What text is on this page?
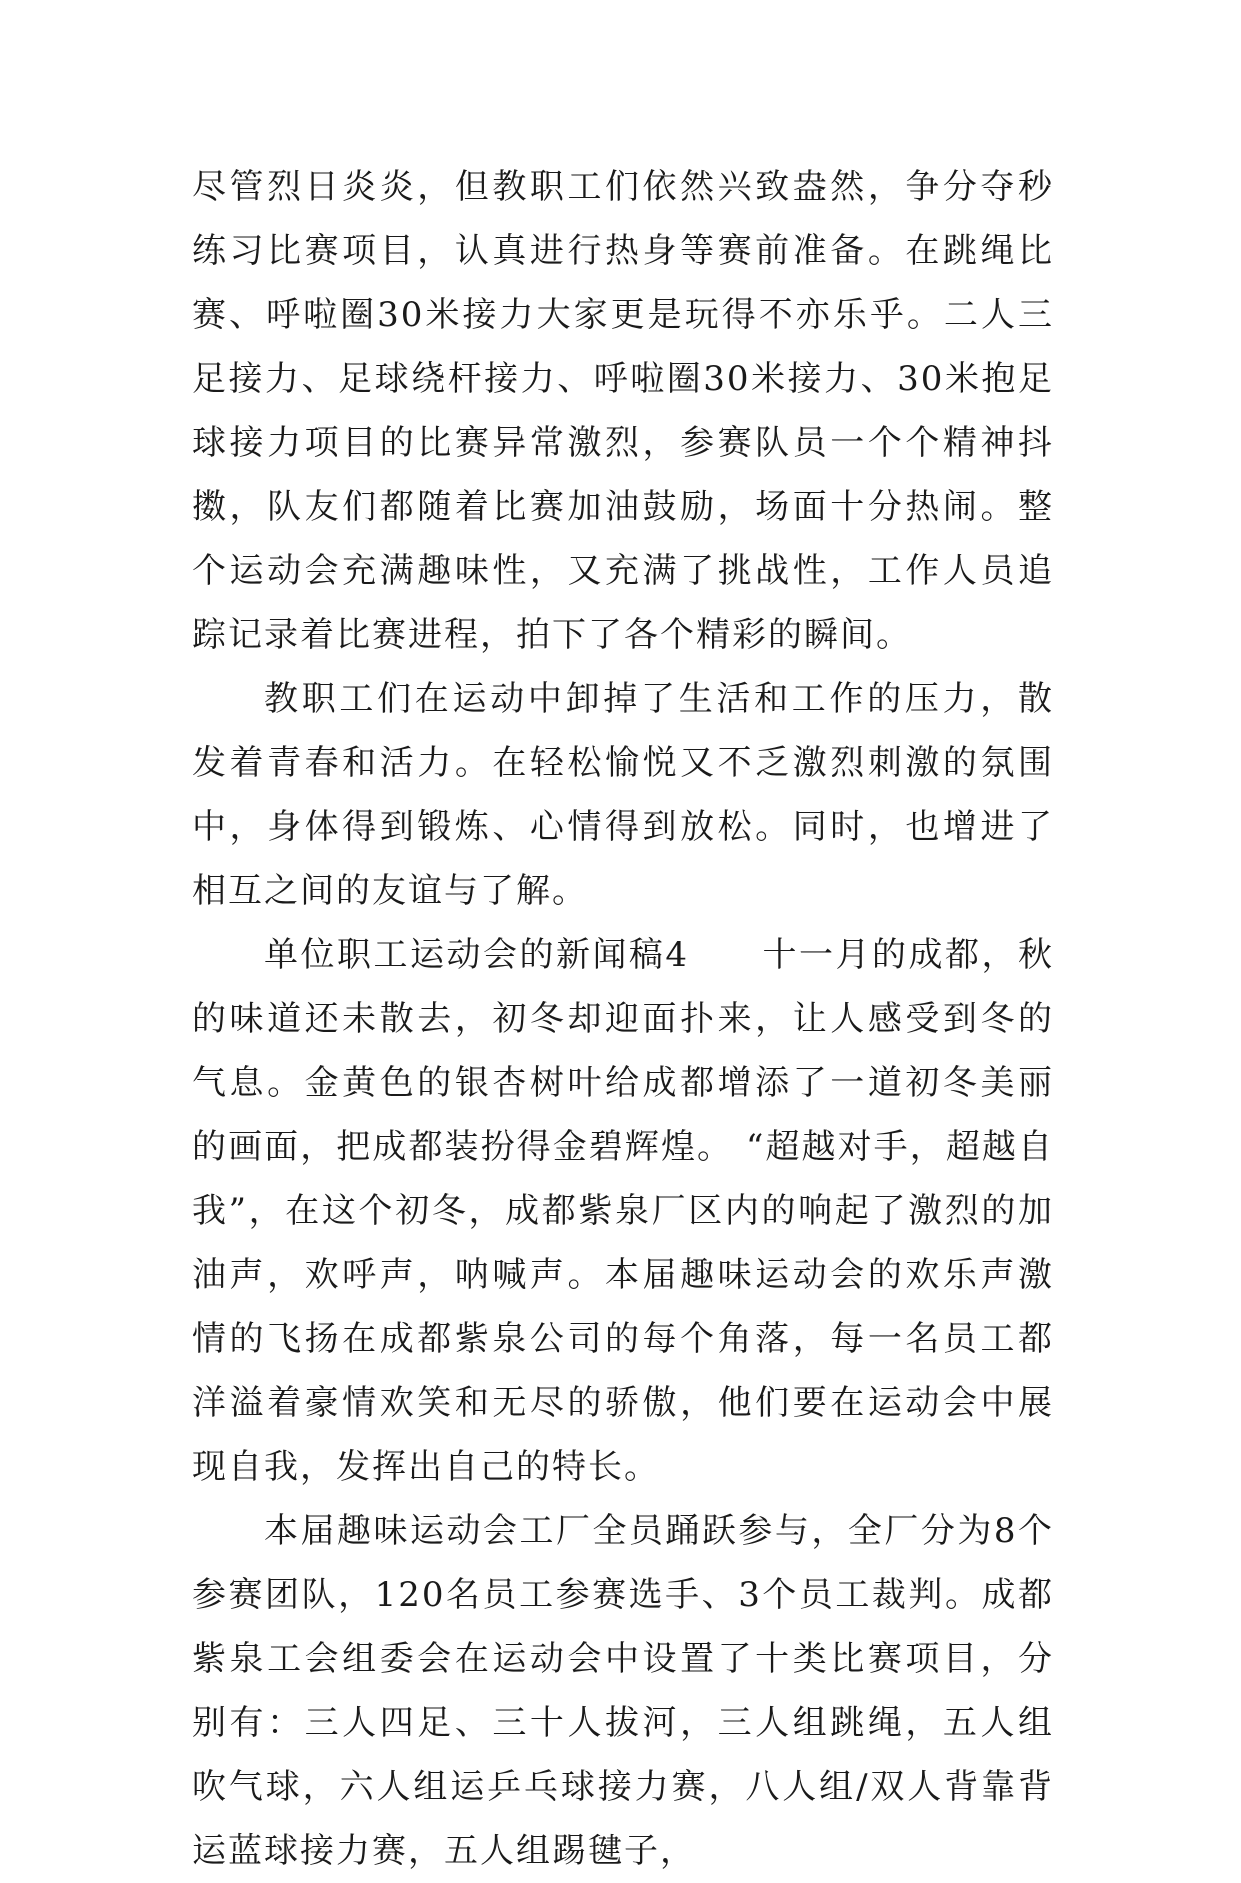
尽管烈日炎炎，但教职工们依然兴致盎然，争分夺秒练习比赛项目，认真进行热身等赛前准备。在跳绳比赛、呼啦圈30米接力大家更是玩得不亦乐乎。二人三足接力、足球绕杆接力、呼啦圈30米接力、30米抱足球接力项目的比赛异常激烈，参赛队员一个个精神抖擞，队友们都随着比赛加油鼓励，场面十分热闹。整个运动会充满趣味性，又充满了挑战性，工作人员追踪记录着比赛进程，拍下了各个精彩的瞬间。

教职工们在运动中卸掉了生活和工作的压力，散发着青春和活力。在轻松愉悦又不乏激烈刺激的氛围中，身体得到锻炼、心情得到放松。同时，也增进了相互之间的友谊与了解。

单位职工运动会的新闻稿4　　十一月的成都，秋的味道还未散去，初冬却迎面扑来，让人感受到冬的气息。金黄色的银杏树叶给成都增添了一道初冬美丽的画面，把成都装扮得金碧辉煌。 “超越对手，超越自我”，在这个初冬，成都紫泉厂区内的响起了激烈的加油声，欢呼声，呐喊声。本届趣味运动会的欢乐声激情的飞扬在成都紫泉公司的每个角落，每一名员工都洋溢着豪情欢笑和无尽的骄傲，他们要在运动会中展现自我，发挥出自己的特长。

本届趣味运动会工厂全员踊跃参与，全厂分为8个参赛团队，120名员工参赛选手、3个员工裁判。成都紫泉工会组委会在运动会中设置了十类比赛项目，分别有：三人四足、三十人拔河，三人组跳绳，五人组吹气球，六人组运乒乓球接力赛，八人组/双人背靠背运蓝球接力赛，五人组踢毽子，
